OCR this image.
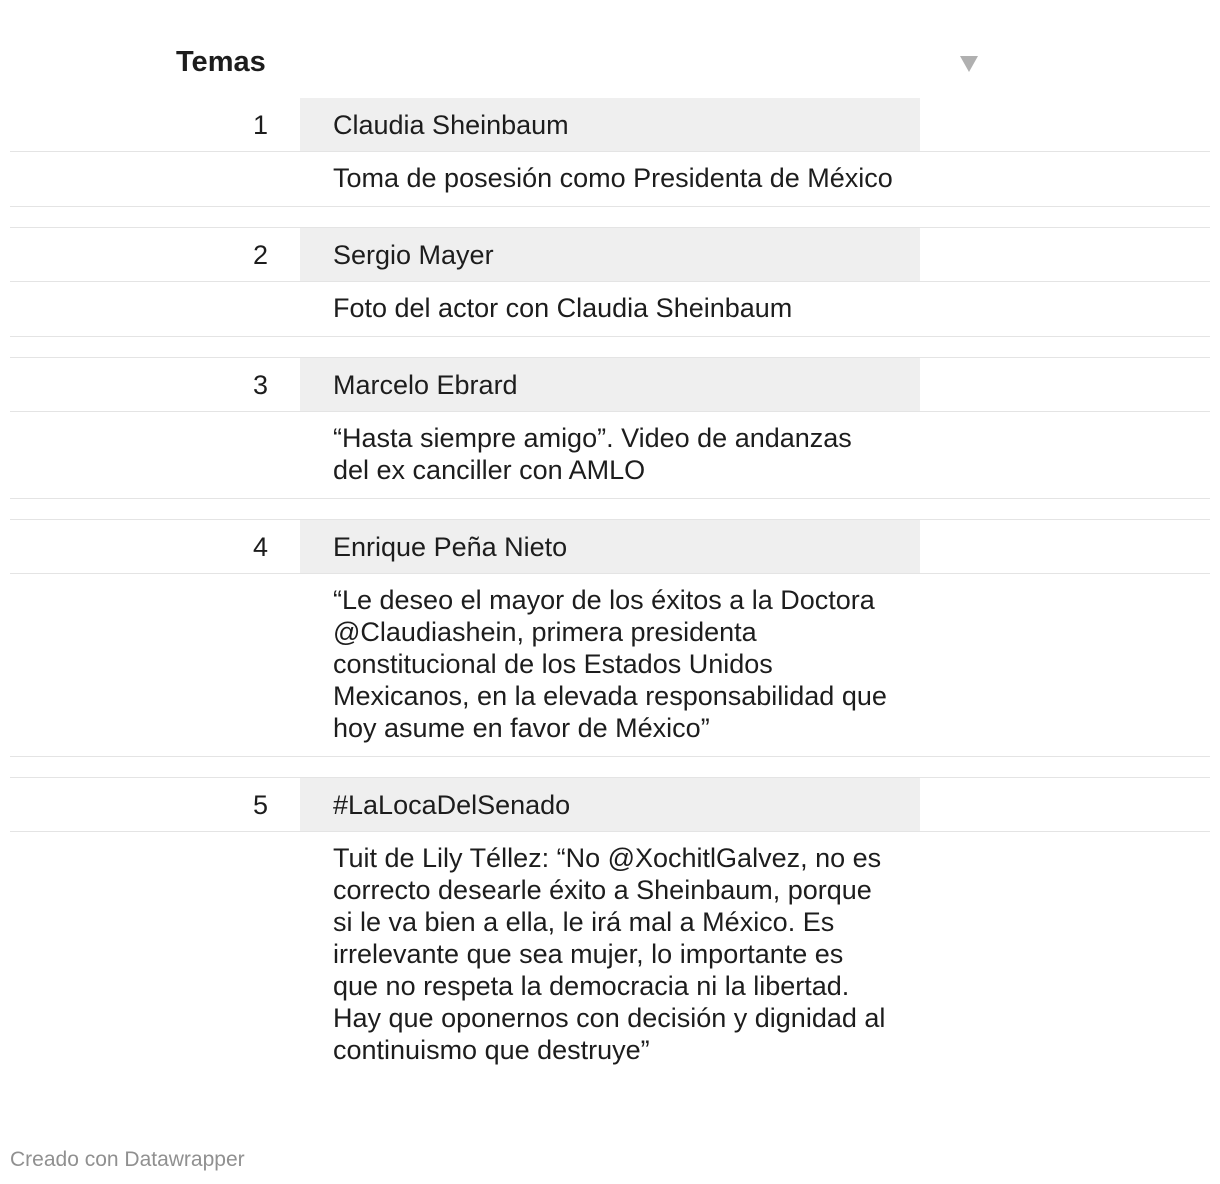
Temas
1	Claudia Sheinbaum
Toma de posesión como Presidenta de México
2	Sergio Mayer
Foto del actor con Claudia Sheinbaum
3	Marcelo Ebrard
“Hasta siempre amigo”. Video de andanzas del ex canciller con AMLO
4	Enrique Peña Nieto
“Le deseo el mayor de los éxitos a la Doctora @Claudiashein, primera presidenta constitucional de los Estados Unidos Mexicanos, en la elevada responsabilidad que hoy asume en favor de México”
5	#LaLocaDelSenado
Tuit de Lily Téllez: “No @XochitlGalvez, no es correcto desearle éxito a Sheinbaum, porque si le va bien a ella, le irá mal a México. Es irrelevante que sea mujer, lo importante es que no respeta la democracia ni la libertad. Hay que oponernos con decisión y dignidad al continuismo que destruye”
Creado con Datawrapper
